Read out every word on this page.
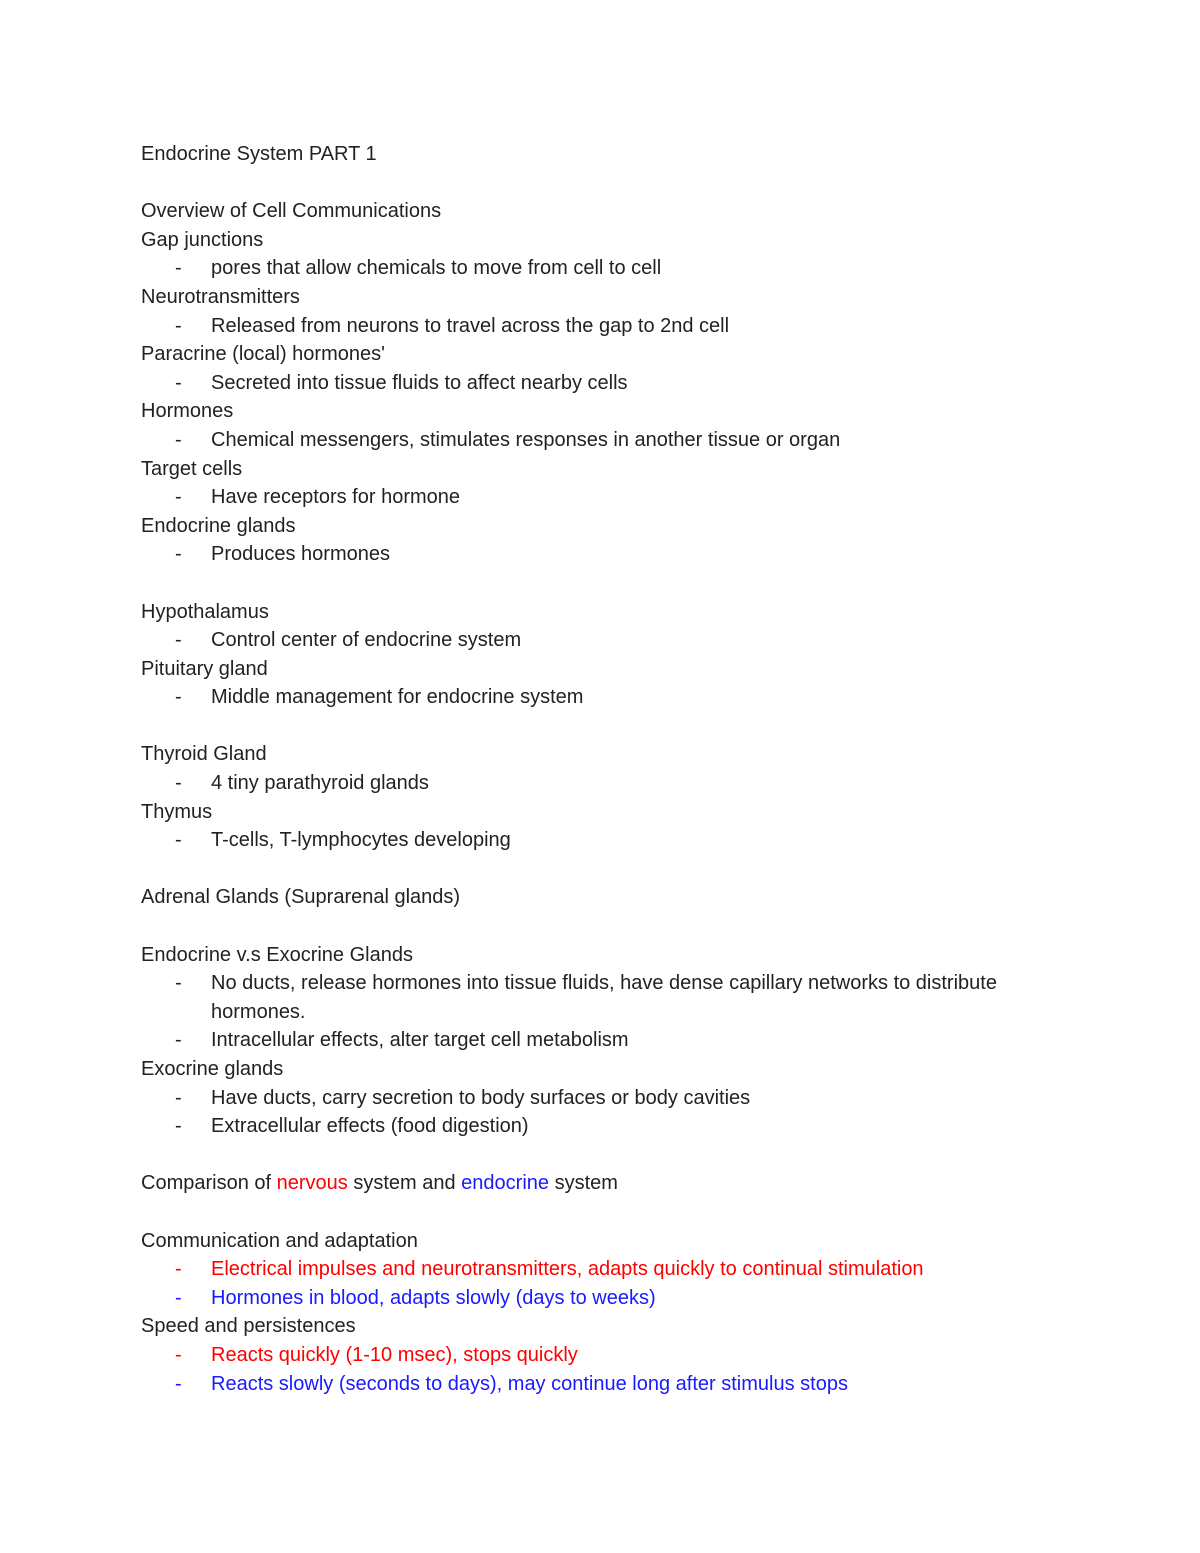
Endocrine System PART 1
Overview of Cell Communications
Gap junctions
- pores that allow chemicals to move from cell to cell
Neurotransmitters
- Released from neurons to travel across the gap to 2nd cell
Paracrine (local) hormones'
- Secreted into tissue fluids to affect nearby cells
Hormones
- Chemical messengers, stimulates responses in another tissue or organ
Target cells
- Have receptors for hormone
Endocrine glands
- Produces hormones
Hypothalamus
- Control center of endocrine system
Pituitary gland
- Middle management for endocrine system
Thyroid Gland
- 4 tiny parathyroid glands
Thymus
- T-cells, T-lymphocytes developing
Adrenal Glands (Suprarenal glands)
Endocrine v.s Exocrine Glands
- No ducts, release hormones into tissue fluids, have dense capillary networks to distribute hormones.
- Intracellular effects, alter target cell metabolism
Exocrine glands
- Have ducts, carry secretion to body surfaces or body cavities
- Extracellular effects (food digestion)
Comparison of nervous system and endocrine system
Communication and adaptation
- Electrical impulses and neurotransmitters, adapts quickly to continual stimulation
- Hormones in blood, adapts slowly (days to weeks)
Speed and persistences
- Reacts quickly (1-10 msec), stops quickly
- Reacts slowly (seconds to days), may continue long after stimulus stops
